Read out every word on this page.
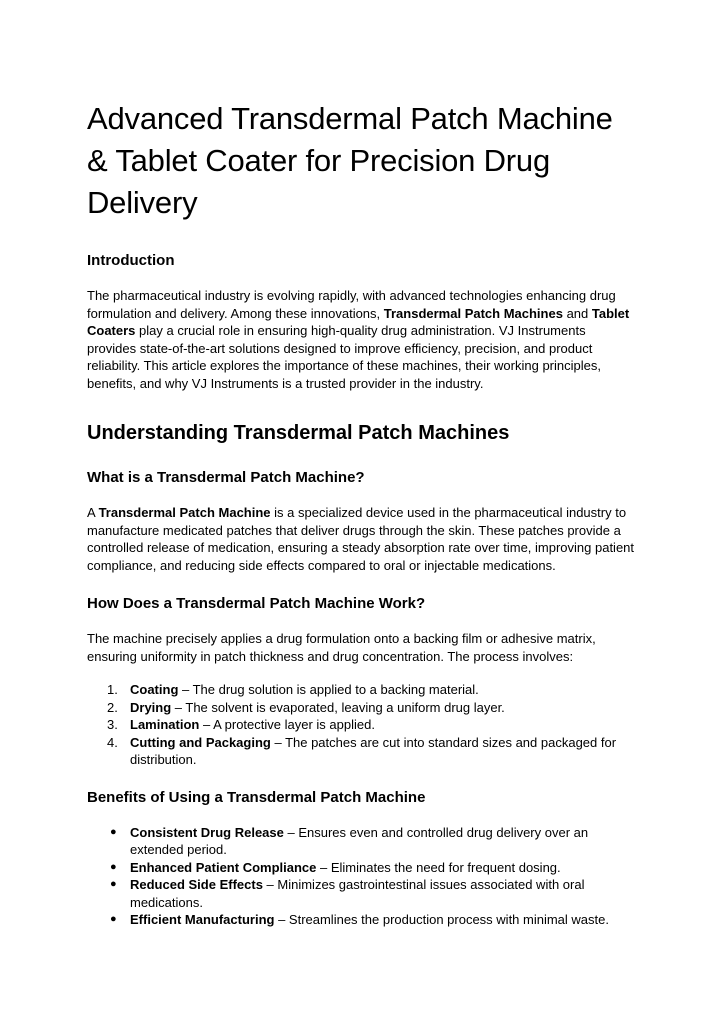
Advanced Transdermal Patch Machine & Tablet Coater for Precision Drug Delivery
Introduction

The pharmaceutical industry is evolving rapidly, with advanced technologies enhancing drug formulation and delivery. Among these innovations, Transdermal Patch Machines and Tablet Coaters play a crucial role in ensuring high-quality drug administration. VJ Instruments provides state-of-the-art solutions designed to improve efficiency, precision, and product reliability. This article explores the importance of these machines, their working principles, benefits, and why VJ Instruments is a trusted provider in the industry.

Understanding Transdermal Patch Machines
What is a Transdermal Patch Machine?

A Transdermal Patch Machine is a specialized device used in the pharmaceutical industry to manufacture medicated patches that deliver drugs through the skin. These patches provide a controlled release of medication, ensuring a steady absorption rate over time, improving patient compliance, and reducing side effects compared to oral or injectable medications.

How Does a Transdermal Patch Machine Work?

The machine precisely applies a drug formulation onto a backing film or adhesive matrix, ensuring uniformity in patch thickness and drug concentration. The process involves:

1. Coating – The drug solution is applied to a backing material.
2. Drying – The solvent is evaporated, leaving a uniform drug layer.
3. Lamination – A protective layer is applied.
4. Cutting and Packaging – The patches are cut into standard sizes and packaged for distribution.
Benefits of Using a Transdermal Patch Machine
● Consistent Drug Release – Ensures even and controlled drug delivery over an extended period.
● Enhanced Patient Compliance – Eliminates the need for frequent dosing.
● Reduced Side Effects – Minimizes gastrointestinal issues associated with oral medications.
● Efficient Manufacturing – Streamlines the production process with minimal waste.
